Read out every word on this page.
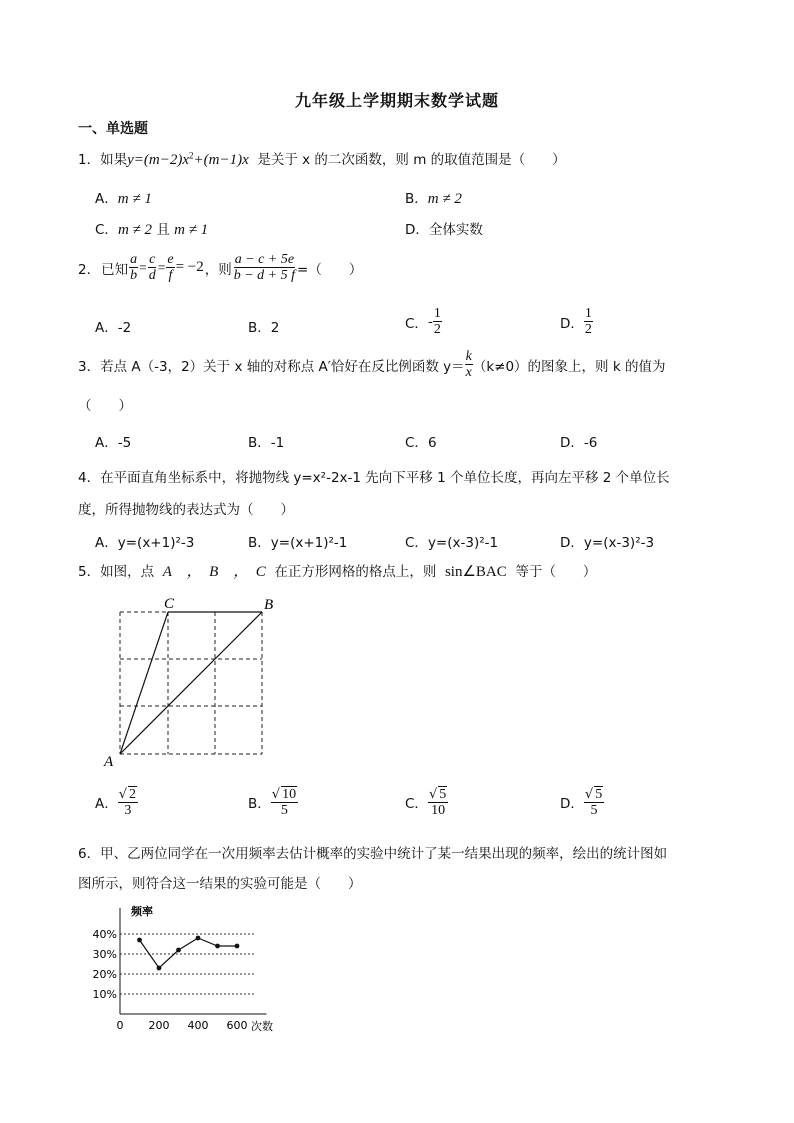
九年级上学期期末数学试题
一、单选题
1．如果$y=(m-2)x^2+(m-1)x$ 是关于 x 的二次函数，则 m 的取值范围是（　　）
A．m ≠ 1	B．m ≠ 2
C．m ≠ 2 且 m ≠ 1	D．全体实数
2． 已知 $\frac{a}{b} = \frac{c}{d} = \frac{e}{f} = -2$ ，则 $\frac{a - c + 5e}{b - d + 5 f}$ =（　　）
A．-2	B．2	C． - $\frac{1}{2}$	D． $\frac{1}{2}$
3． 若点 A（-3，2）关于 x 轴的对称点 A′恰好在反比例函数 $y= \frac{k}{x} (k\ne 0)$的图象上，则 k 的值为
（　　）
A．-5	B．-1	C．6	D．-6
4．在平面直角坐标系中，将抛物线 y=x²-2x-1 先向下平移 1 个单位长度，再向左平移 2 个单位长
度，所得抛物线的表达式为（　　）
A．y=(x+1)²-3	B．y=(x+1)²-1	C．y=(x-3)²-1	D．y=(x-3)²-3
5．如图，点 A　，　B　，　C 在正方形网格的格点上，则 sin∠BAC 等于（　　）
A
B
C
A． $\frac{√ 2}{3}$	B． $\frac{√ 10}{5}$	C． $\frac{√ 5}{10}$	D． $\frac{√ 5}{5}$
6．甲、乙两位同学在一次用频率去估计概率的实验中统计了某一结果出现的频率，绘出的统计图如
图所示，则符合这一结果的实验可能是（　　）
10%
20%
30%
40%
0 200 400 600
频率
次数
